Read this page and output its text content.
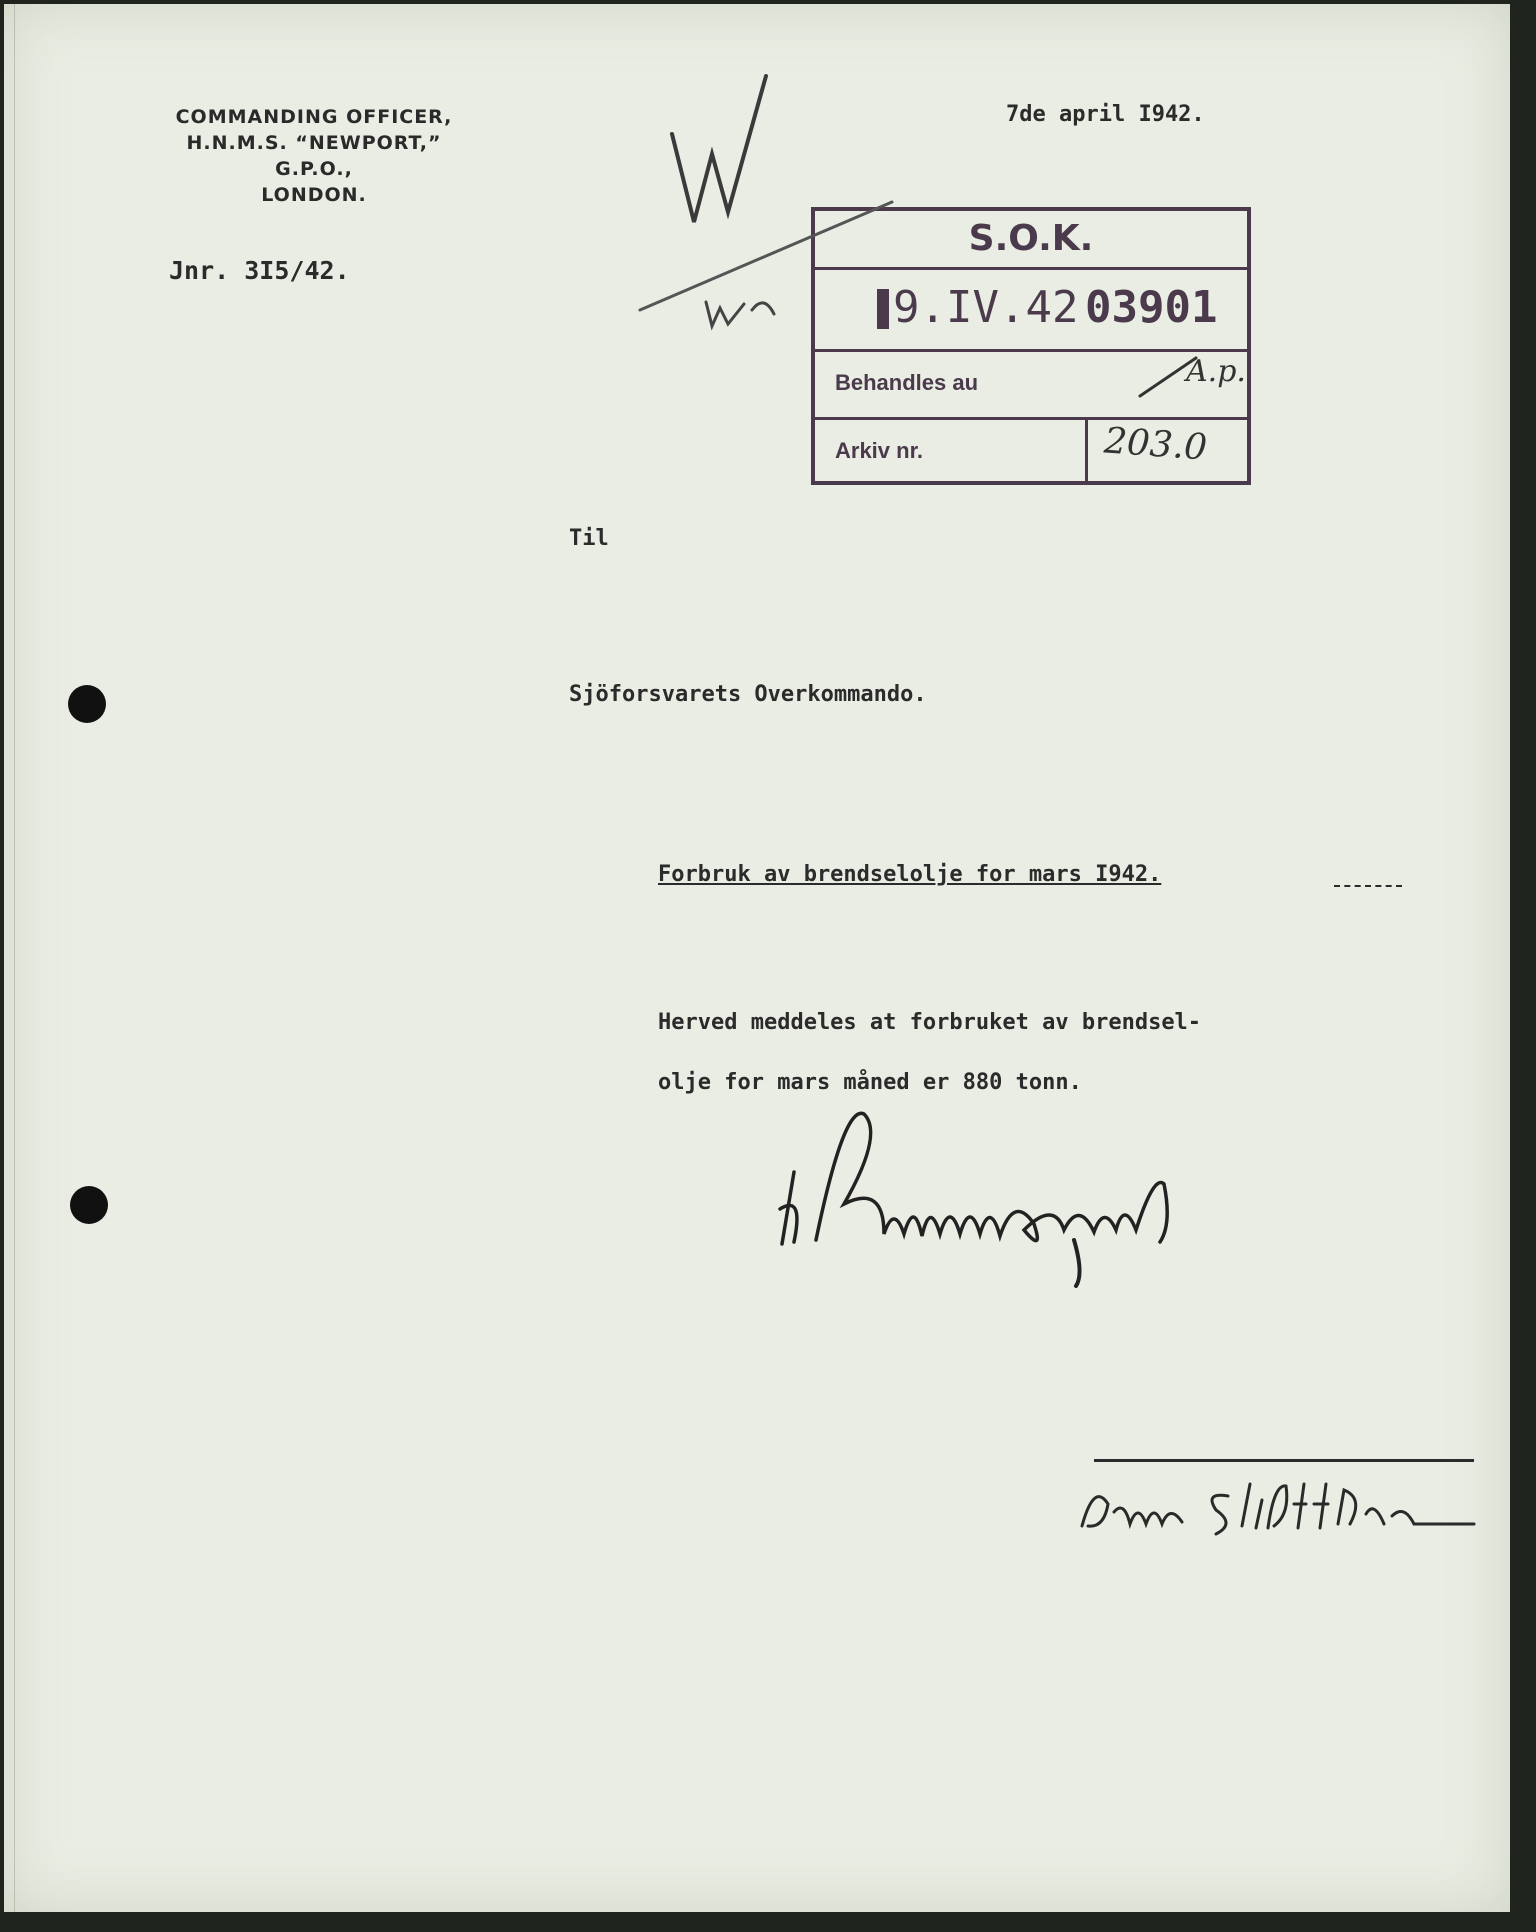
COMMANDING OFFICER,
H.N.M.S. “NEWPORT,”
G.P.O.,
LONDON.
Jnr. 3I5/42.
7de april I942.
S.O.K.
9.IV.42 03901
Behandles au
Arkiv nr.
A.p.
203.0
Til
Sjöforsvarets Overkommando.
Forbruk av brendselolje for mars I942.
Herved meddeles at forbruket av brendsel-
olje for mars måned er 880 tonn.
